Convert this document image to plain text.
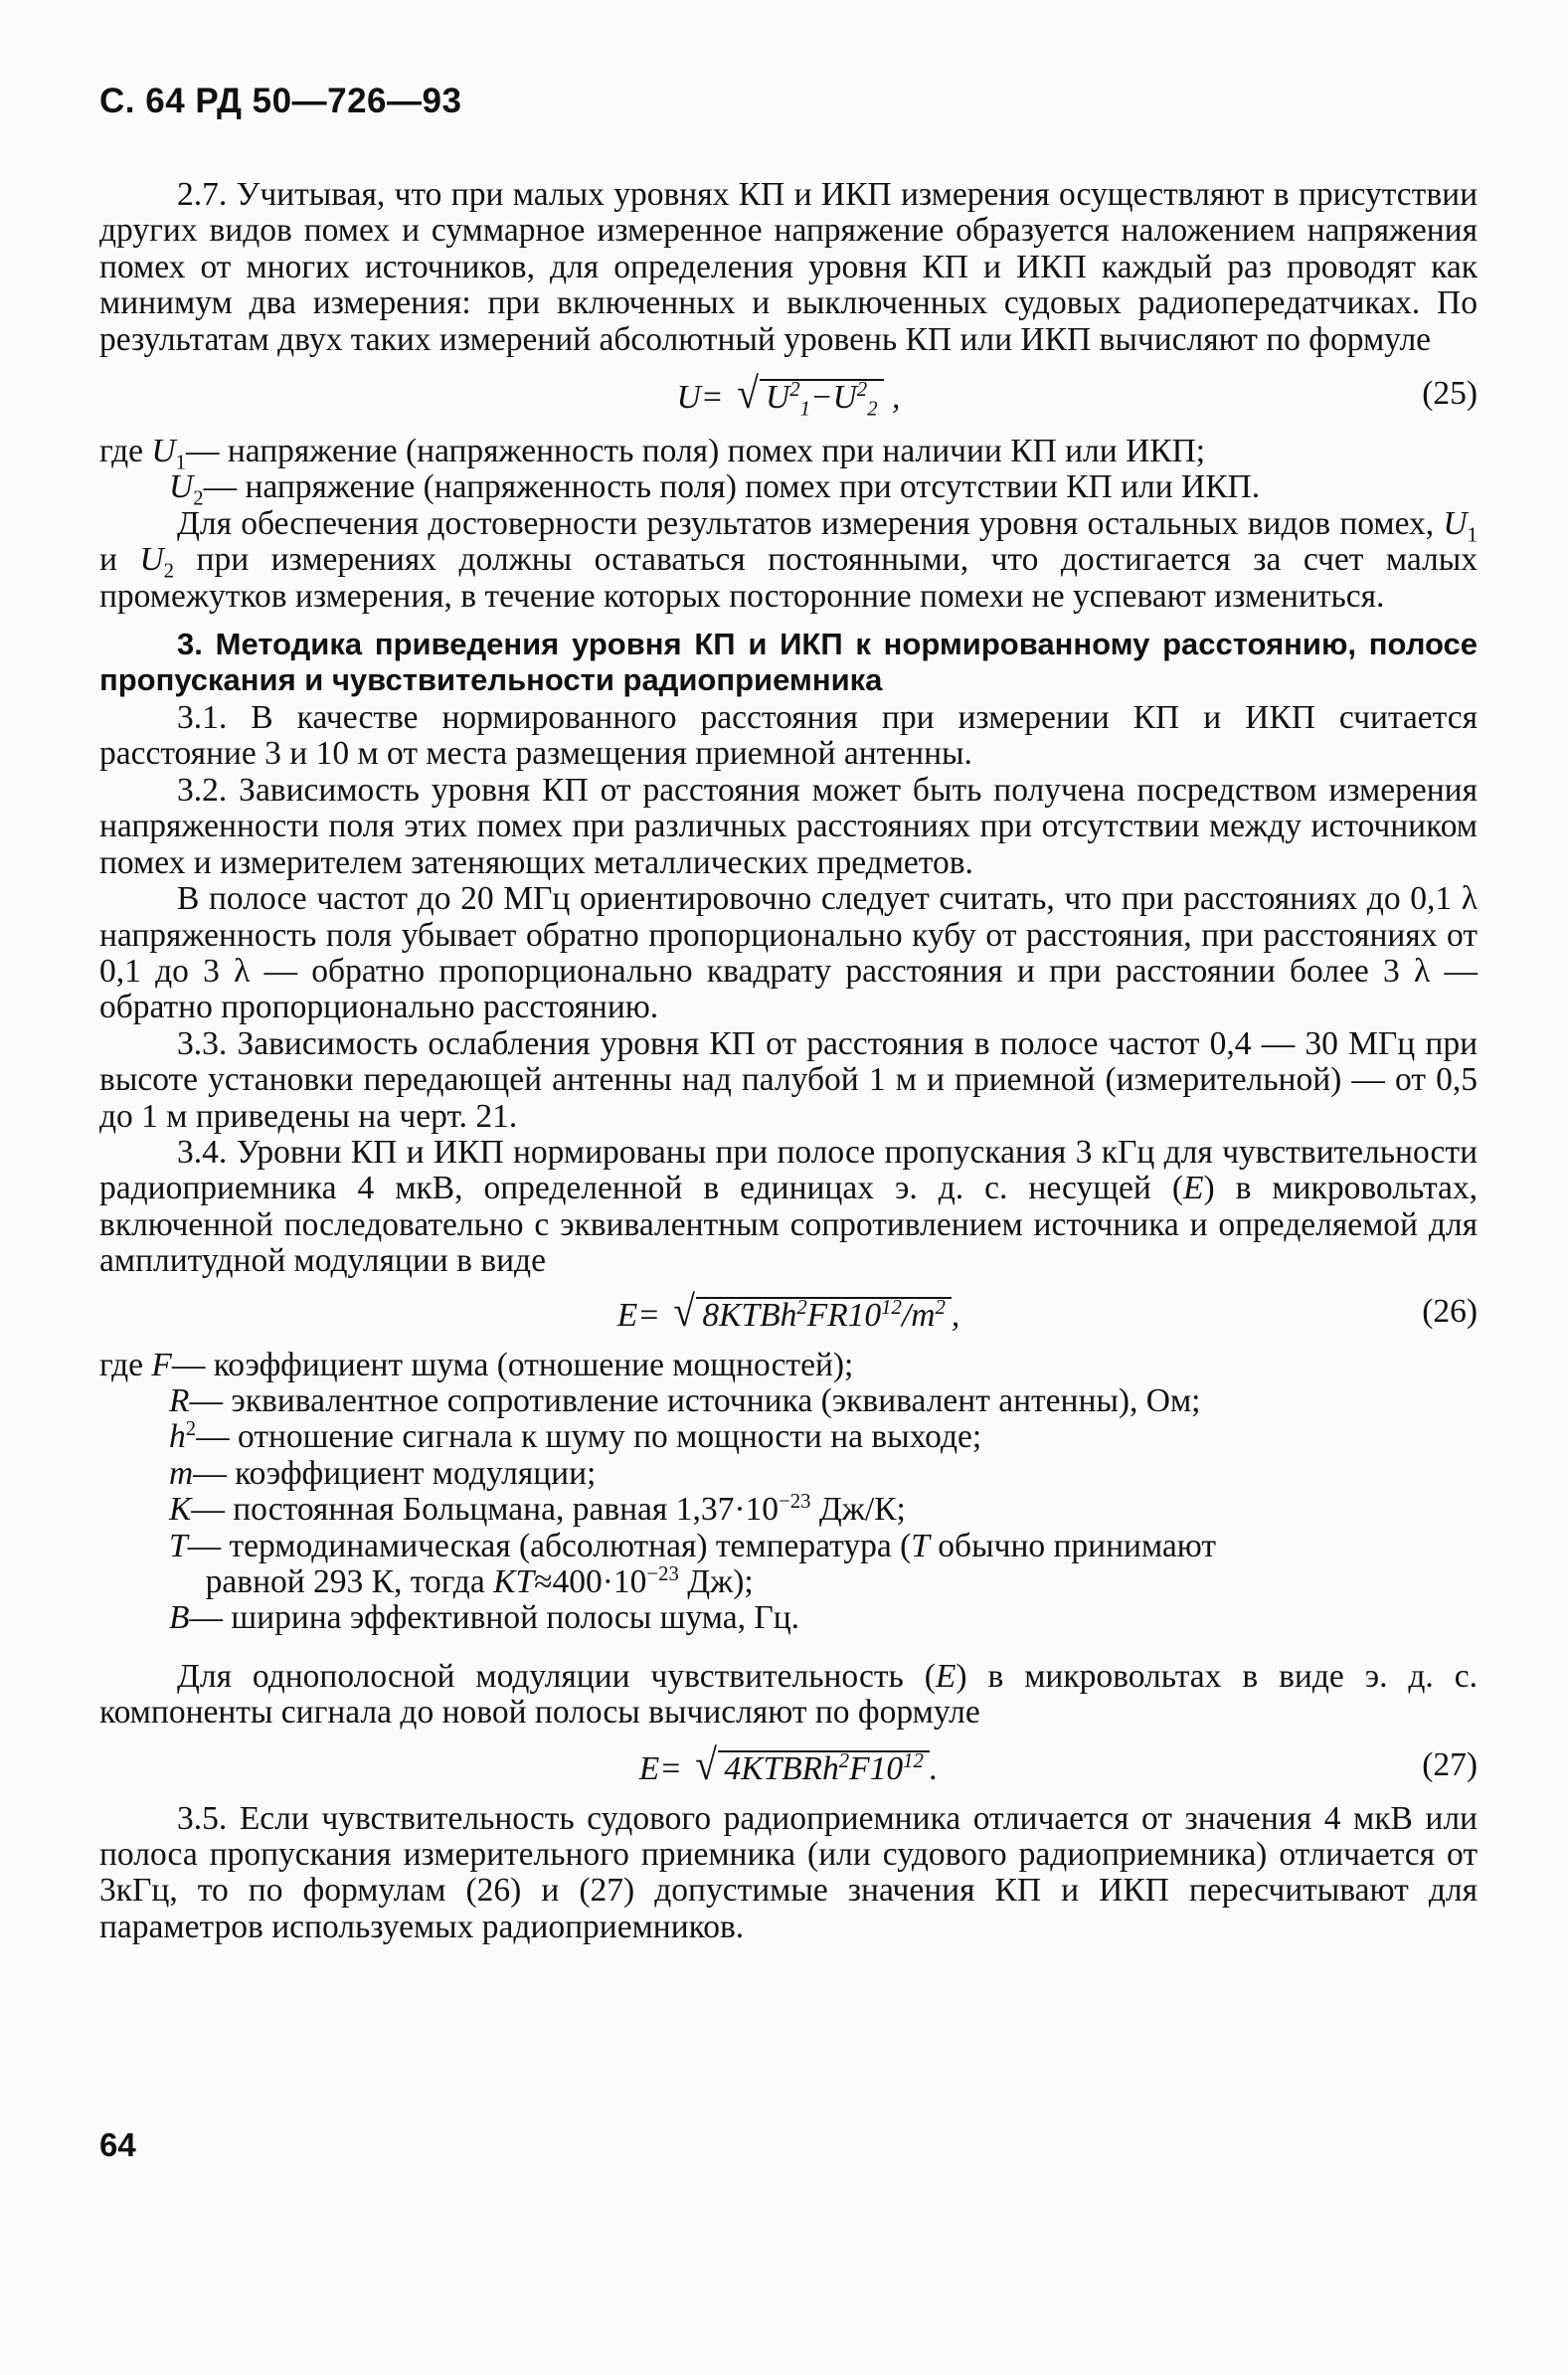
С. 64 РД 50—726—93

2.7. Учитывая, что при малых уровнях КП и ИКП измерения осуществляют в присутствии других видов помех и суммарное измеренное напряжение образуется наложением напряжения помех от многих источников, для определения уровня КП и ИКП каждый раз проводят как минимум два измерения: при включенных и выключенных судовых радиопередатчиках. По результатам двух таких измерений абсолютный уровень КП или ИКП вычисляют по формуле

U= √ $U^2_1-U^2_2$ ,	(25)
где $U_1$ — напряжение (напряженность поля) помех при наличии КП или ИКП;
$U_2$ — напряжение (напряженность поля) помех при отсутствии КП или ИКП.

Для обеспечения достоверности результатов измерения уровня остальных видов помех, $U_1$ и $U_2$ при измерениях должны оставаться постоянными, что достигается за счет малых промежутков измерения, в течение которых посторонние помехи не успевают измениться.

3. Методика приведения уровня КП и ИКП к нормированному расстоянию, полосе пропускания и чувствительности радиоприемника

3.1. В качестве нормированного расстояния при измерении КП и ИКП считается расстояние 3 и 10 м от места размещения приемной антенны.

3.2. Зависимость уровня КП от расстояния может быть получена посредством измерения напряженности поля этих помех при различных расстояниях при отсутствии между источником помех и измерителем затеняющих металлических предметов.

В полосе частот до 20 МГц ориентировочно следует считать, что при расстояниях до 0,1 λ напряженность поля убывает обратно пропорционально кубу от расстояния, при расстояниях от 0,1 до 3 λ — обратно пропорционально квадрату расстояния и при расстоянии более 3 λ — обратно пропорционально расстоянию.

3.3. Зависимость ослабления уровня КП от расстояния в полосе частот 0,4 — 30 МГц при высоте установки передающей антенны над палубой 1 м и приемной (измерительной) — от 0,5 до 1 м приведены на черт. 21.

3.4. Уровни КП и ИКП нормированы при полосе пропускания 3 кГц для чувствительности радиоприемника 4 мкВ, определенной в единицах э. д. с. несущей (E) в микровольтах, включенной последовательно с эквивалентным сопротивлением источника и определяемой для амплитудной модуляции в виде

E= √ $8KTBh^2FR10^{12}/m^2$ ,	(26)
где F — коэффициент шума (отношение мощностей);
R — эквивалентное сопротивление источника (эквивалент антенны), Ом;
$h^2$ — отношение сигнала к шуму по мощности на выходе;
m — коэффициент модуляции;
K — постоянная Больцмана, равная $1,37\cdot 10^{-23}$ Дж/К;
T — термодинамическая (абсолютная) температура (T обычно принимают
равной 293 К, тогда $KT\approx 400\cdot 10^{-23}$ Дж);
B — ширина эффективной полосы шума, Гц.

Для однополосной модуляции чувствительность (E) в микровольтах в виде э. д. с. компоненты сигнала до новой полосы вычисляют по формуле

E= √ $4KTBRh^2F10^{12}$ .	(27)

3.5. Если чувствительность судового радиоприемника отличается от значения 4 мкВ или полоса пропускания измерительного приемника (или судового радиоприемника) отличается от 3кГц, то по формулам (26) и (27) допустимые значения КП и ИКП пересчитывают для параметров используемых радиоприемников.

64
